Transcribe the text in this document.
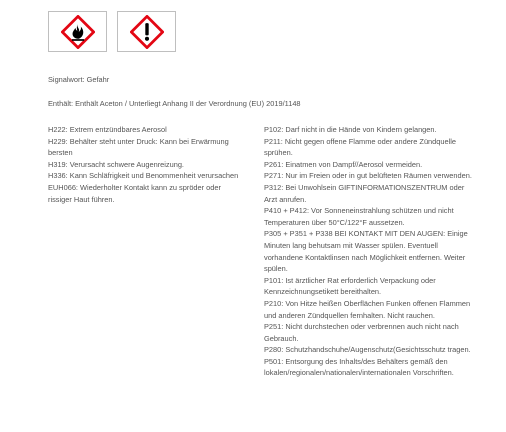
Signalwort: Gefahr
Enthält: Enthält Aceton / Unterliegt Anhang II der Verordnung (EU) 2019/1148

H222: Extrem entzündbares Aerosol

H229: Behälter steht unter Druck: Kann bei Erwärmung bersten

H319: Verursacht schwere Augenreizung.

H336: Kann Schläfrigkeit und Benommenheit verursachen

EUH066: Wiederholter Kontakt kann zu spröder oder rissiger Haut führen.

P102: Darf nicht in die Hände von Kindern gelangen.

P211: Nicht gegen offene Flamme oder andere Zündquelle sprühen.

P261: Einatmen von Dampf//Aerosol vermeiden.

P271: Nur im Freien oder in gut belüfteten Räumen verwenden.

P312: Bei Unwohlsein GIFTINFORMATIONSZENTRUM oder Arzt anrufen.

P410 + P412: Vor Sonneneinstrahlung schützen und nicht Temperaturen über 50°C/122°F aussetzen.

P305 + P351 + P338 BEI KONTAKT MIT DEN AUGEN: Einige Minuten lang behutsam mit Wasser spülen. Eventuell vorhandene Kontaktlinsen nach Möglichkeit entfernen. Weiter spülen.

P101: Ist ärztlicher Rat erforderlich Verpackung oder Kennzeichnungsetikett bereithalten.

P210: Von Hitze heißen Oberflächen Funken offenen Flammen und anderen Zündquellen fernhalten. Nicht rauchen.

P251: Nicht durchstechen oder verbrennen auch nicht nach Gebrauch.

P280: Schutzhandschuhe/Augenschutz(Gesichtsschutz tragen.

P501: Entsorgung des Inhalts/des Behälters gemäß den lokalen/regionalen/nationalen/internationalen Vorschriften.
